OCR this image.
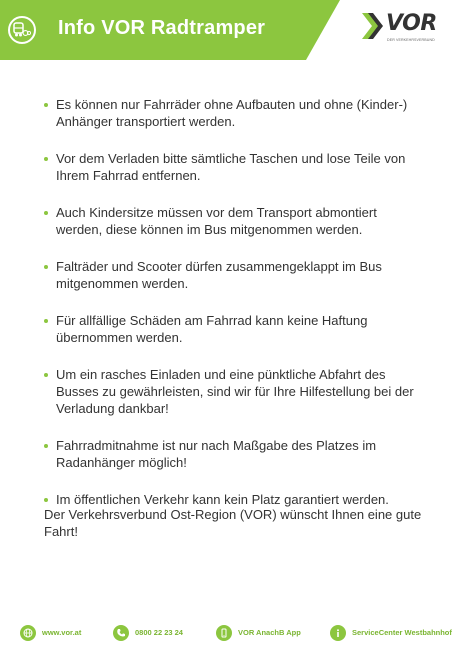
Info VOR Radtramper	VOR
DER VERKEHRSVERBUND
Es können nur Fahrräder ohne Aufbauten und ohne (Kinder-) Anhänger transportiert werden.
Vor dem Verladen bitte sämtliche Taschen und lose Teile von Ihrem Fahrrad entfernen.
Auch Kindersitze müssen vor dem Transport abmontiert werden, diese können im Bus mitgenommen werden.
Falträder und Scooter dürfen zusammengeklappt im Bus mitgenommen werden.
Für allfällige Schäden am Fahrrad kann keine Haftung übernommen werden.
Um ein rasches Einladen und eine pünktliche Abfahrt des Busses zu gewährleisten, sind wir für Ihre Hilfestellung bei der Verladung dankbar!
Fahrradmitnahme ist nur nach Maßgabe des Platzes im Radanhänger möglich!
Im öffentlichen Verkehr kann kein Platz garantiert werden.
Der Verkehrsverbund Ost-Region (VOR) wünscht Ihnen eine gute Fahrt!
www.vor.at	0800 22 23 24	VOR AnachB App	ServiceCenter Westbahnhof
